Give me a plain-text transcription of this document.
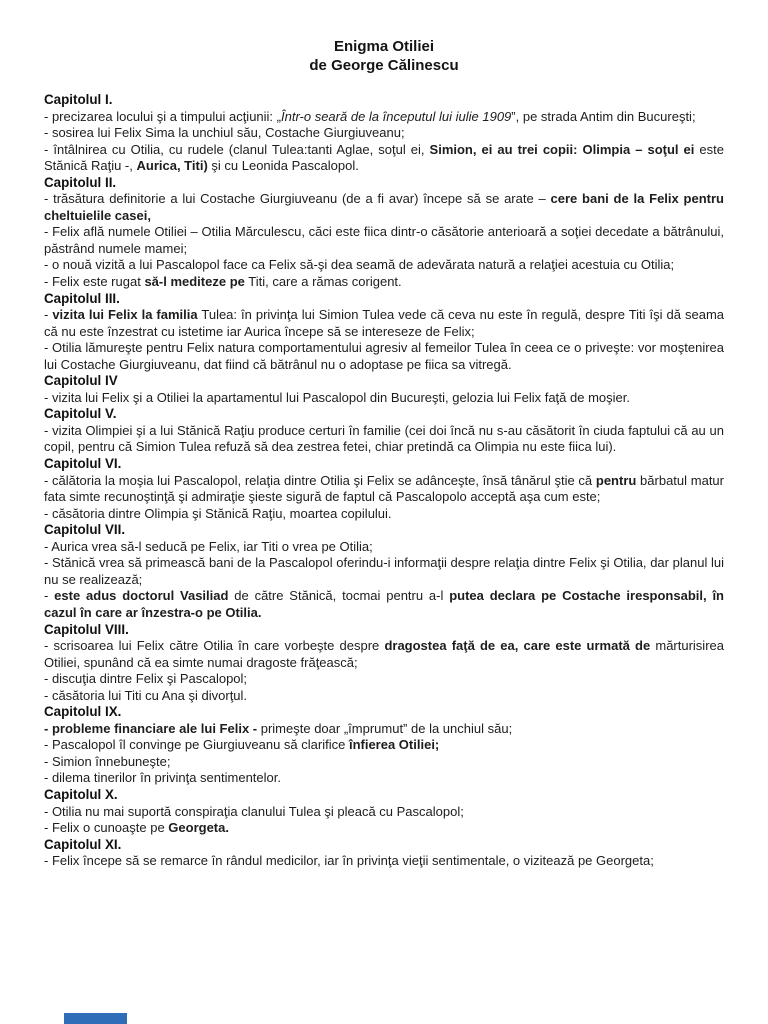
Enigma Otiliei
de George Călinescu
Capitolul I.
- precizarea locului şi a timpului acţiunii: „Într-o seară de la începutul lui iulie 1909”, pe strada Antim din Bucureşti;
- sosirea lui Felix Sima la unchiul său, Costache Giurgiuveanu;
- întâlnirea cu Otilia, cu rudele (clanul Tulea:tanti Aglae, soţul ei, Simion, ei au trei copii: Olimpia – soţul ei este Stănică Raţiu -, Aurica, Titi) şi cu Leonida Pascalopol.
Capitolul II.
- trăsătura definitorie a lui Costache Giurgiuveanu (de a fi avar) începe să se arate – cere bani de la Felix pentru cheltuielile casei,
- Felix află numele Otiliei – Otilia Mărculescu, căci este fiica dintr-o căsătorie anterioară a soţiei decedate a bătrânului, păstrând numele mamei;
- o nouă vizită a lui Pascalopol face ca Felix să-şi dea seamă de adevărata natură a relaţiei acestuia cu Otilia;
- Felix este rugat să-l mediteze pe Titi, care a rămas corigent.
Capitolul III.
- vizita lui Felix la familia Tulea: în privinţa lui Simion Tulea vede că ceva nu este în regulă, despre Titi îşi dă seama că nu este înzestrat cu istetime iar Aurica începe să se intereseze de Felix;
- Otilia lămureşte pentru Felix natura comportamentului agresiv al femeilor Tulea în ceea ce o priveşte: vor moştenirea lui Costache Giurgiuveanu, dat fiind că bătrânul nu o adoptase pe fiica sa vitregă.
Capitolul IV
- vizita lui Felix şi a Otiliei la apartamentul lui Pascalopol din Bucureşti, gelozia lui Felix faţă de moşier.
Capitolul V.
- vizita Olimpiei şi a lui Stănică Raţiu produce certuri în familie (cei doi încă nu s-au căsătorit în ciuda faptului că au un copil, pentru că Simion Tulea refuză să dea zestrea fetei, chiar pretindă ca Olimpia nu este fiica lui).
Capitolul VI.
- călătoria la moşia lui Pascalopol, relaţia dintre Otilia şi Felix se adânceşte, însă tânărul ştie că pentru bărbatul matur fata simte recunoştinţă şi admiraţie şieste sigură de faptul că Pascalopolo acceptă aşa cum este;
- căsătoria dintre Olimpia şi Stănică Raţiu, moartea copilului.
Capitolul VII.
- Aurica vrea să-l seducă pe Felix, iar Titi o vrea pe Otilia;
- Stănică vrea să primească bani de la Pascalopol oferindu-i informaţii despre relaţia dintre Felix şi Otilia, dar planul lui nu se realizează;
- este adus doctorul Vasiliad de către Stănică, tocmai pentru a-l putea declara pe Costache iresponsabil, în cazul în care ar înzestra-o pe Otilia.
Capitolul VIII.
- scrisoarea lui Felix către Otilia în care vorbeşte despre dragostea faţă de ea, care este urmată de mărturisirea Otiliei, spunând că ea simte numai dragoste frăţească;
- discuţia dintre Felix şi Pascalopol;
- căsătoria lui Titi cu Ana şi divorţul.
Capitolul IX.
- probleme financiare ale lui Felix - primeşte doar „împrumut” de la unchiul său;
- Pascalopol îl convinge pe Giurgiuveanu să clarifice înfierea Otiliei;
- Simion înnebuneşte;
- dilema tinerilor în privinţa sentimentelor.
Capitolul X.
- Otilia nu mai suportă conspiraţia clanului Tulea şi pleacă cu Pascalopol;
- Felix o cunoaşte pe Georgeta.
Capitolul XI.
- Felix începe să se remarce în rândul medicilor, iar în privinţa vieţii sentimentale, o vizitează pe Georgeta;
